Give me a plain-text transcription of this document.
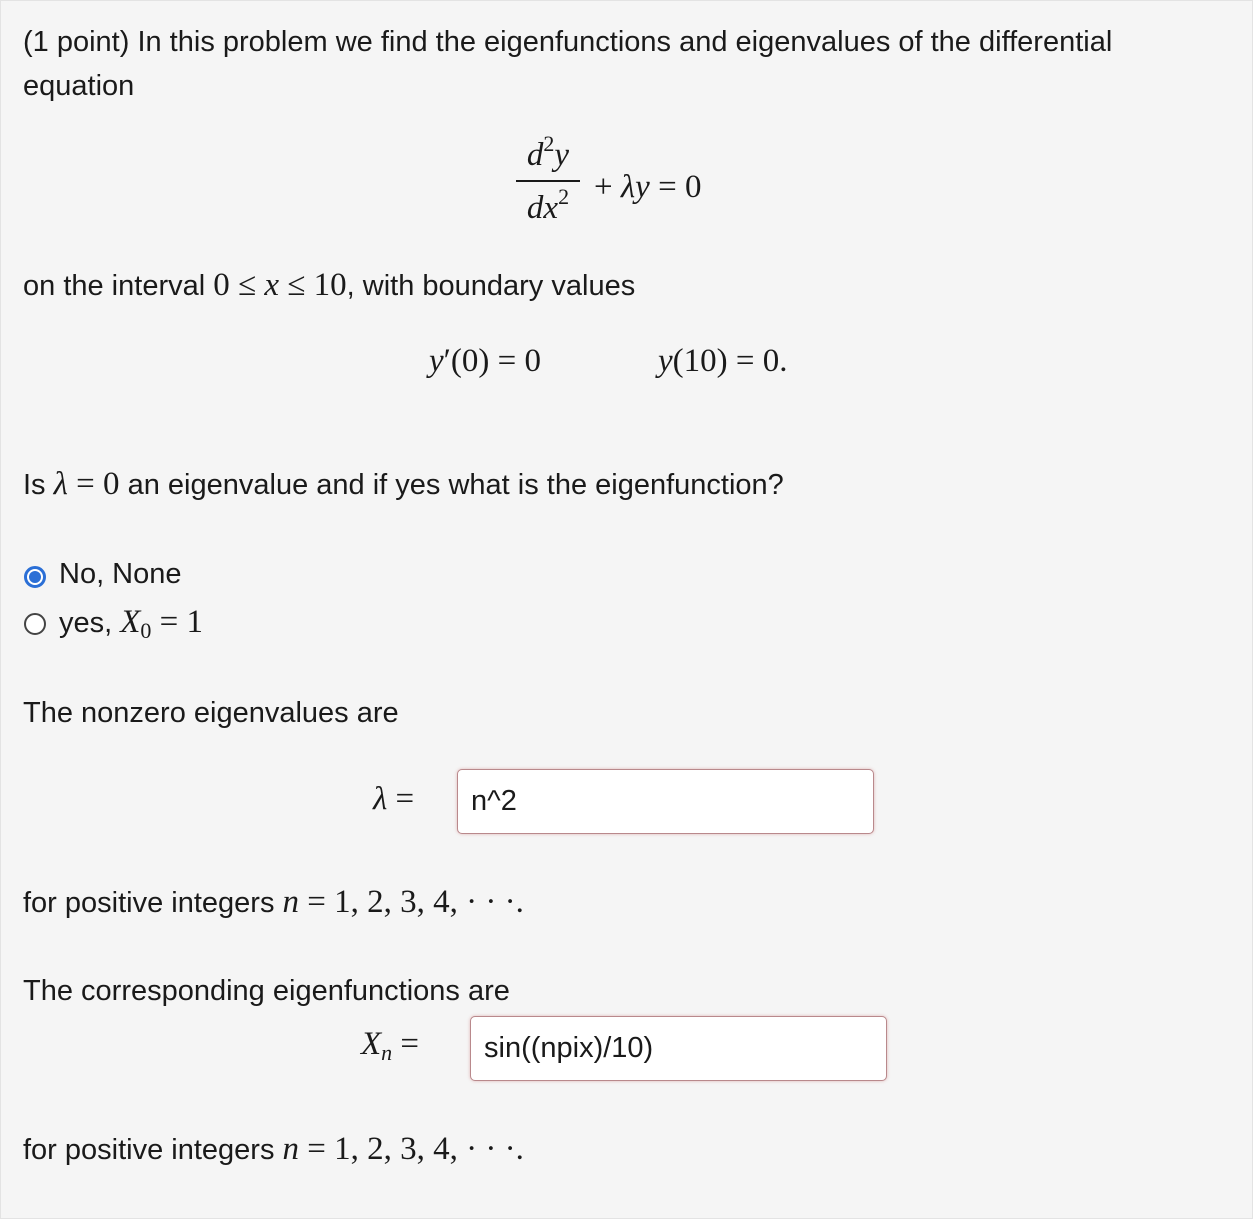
(1 point) In this problem we find the eigenfunctions and eigenvalues of the differential
equation
$d^2y$
$dx^2 + \lambda y = 0$
on the interval 0 ≤ x ≤ 10, with boundary values
y′(0) = 0	y(10) = 0.
Is λ = 0 an eigenvalue and if yes what is the eigenfunction?
No, None
yes, $X_0 = 1$
The nonzero eigenvalues are
λ =	n^2
for positive integers n = 1, 2, 3, 4, · · ·.
The corresponding eigenfunctions are
$X_n$ =	sin((npix)/10)
for positive integers n = 1, 2, 3, 4, · · ·.
